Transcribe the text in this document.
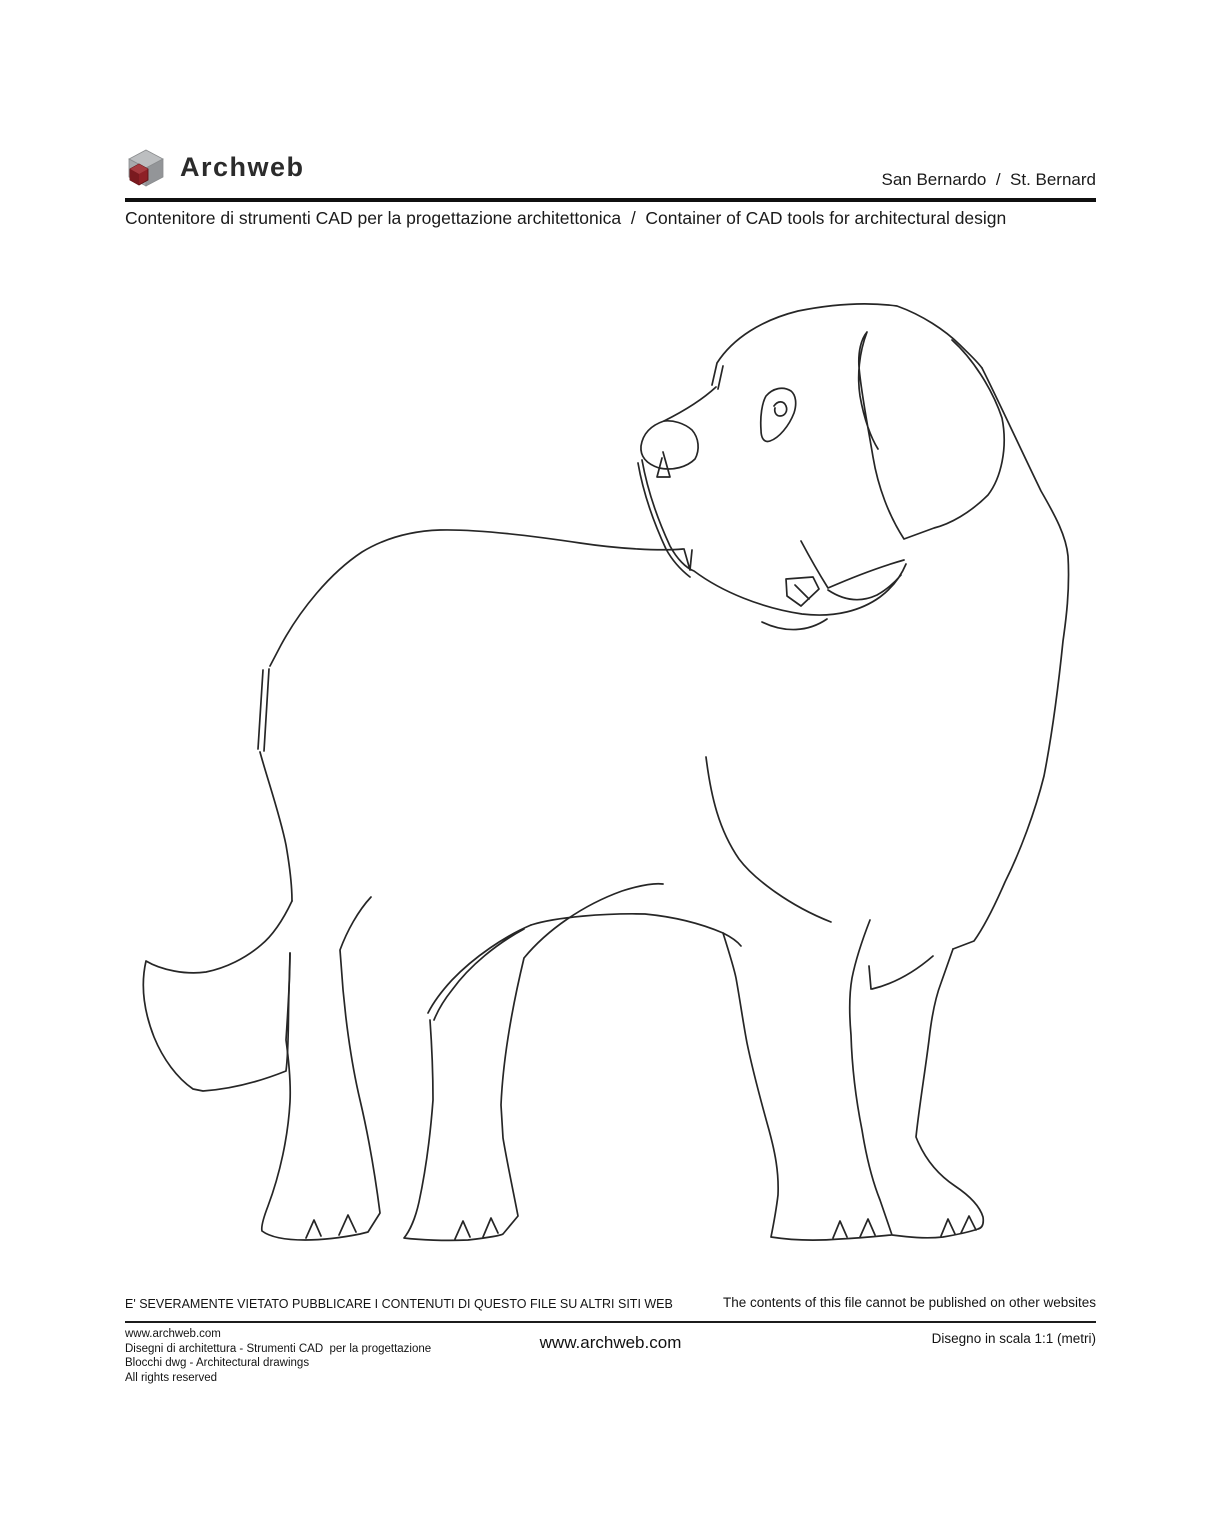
Archweb	San Bernardo  /  St. Bernard
Contenitore di strumenti CAD per la progettazione architettonica  /  Container of CAD tools for architectural design
E' SEVERAMENTE VIETATO PUBBLICARE I CONTENUTI DI QUESTO FILE SU ALTRI SITI WEB	The contents of this file cannot be published on other websites
www.archweb.com
Disegni di architettura - Strumenti CAD  per la progettazione
Blocchi dwg - Architectural drawings
All rights reserved
www.archweb.com	Disegno in scala 1:1 (metri)
